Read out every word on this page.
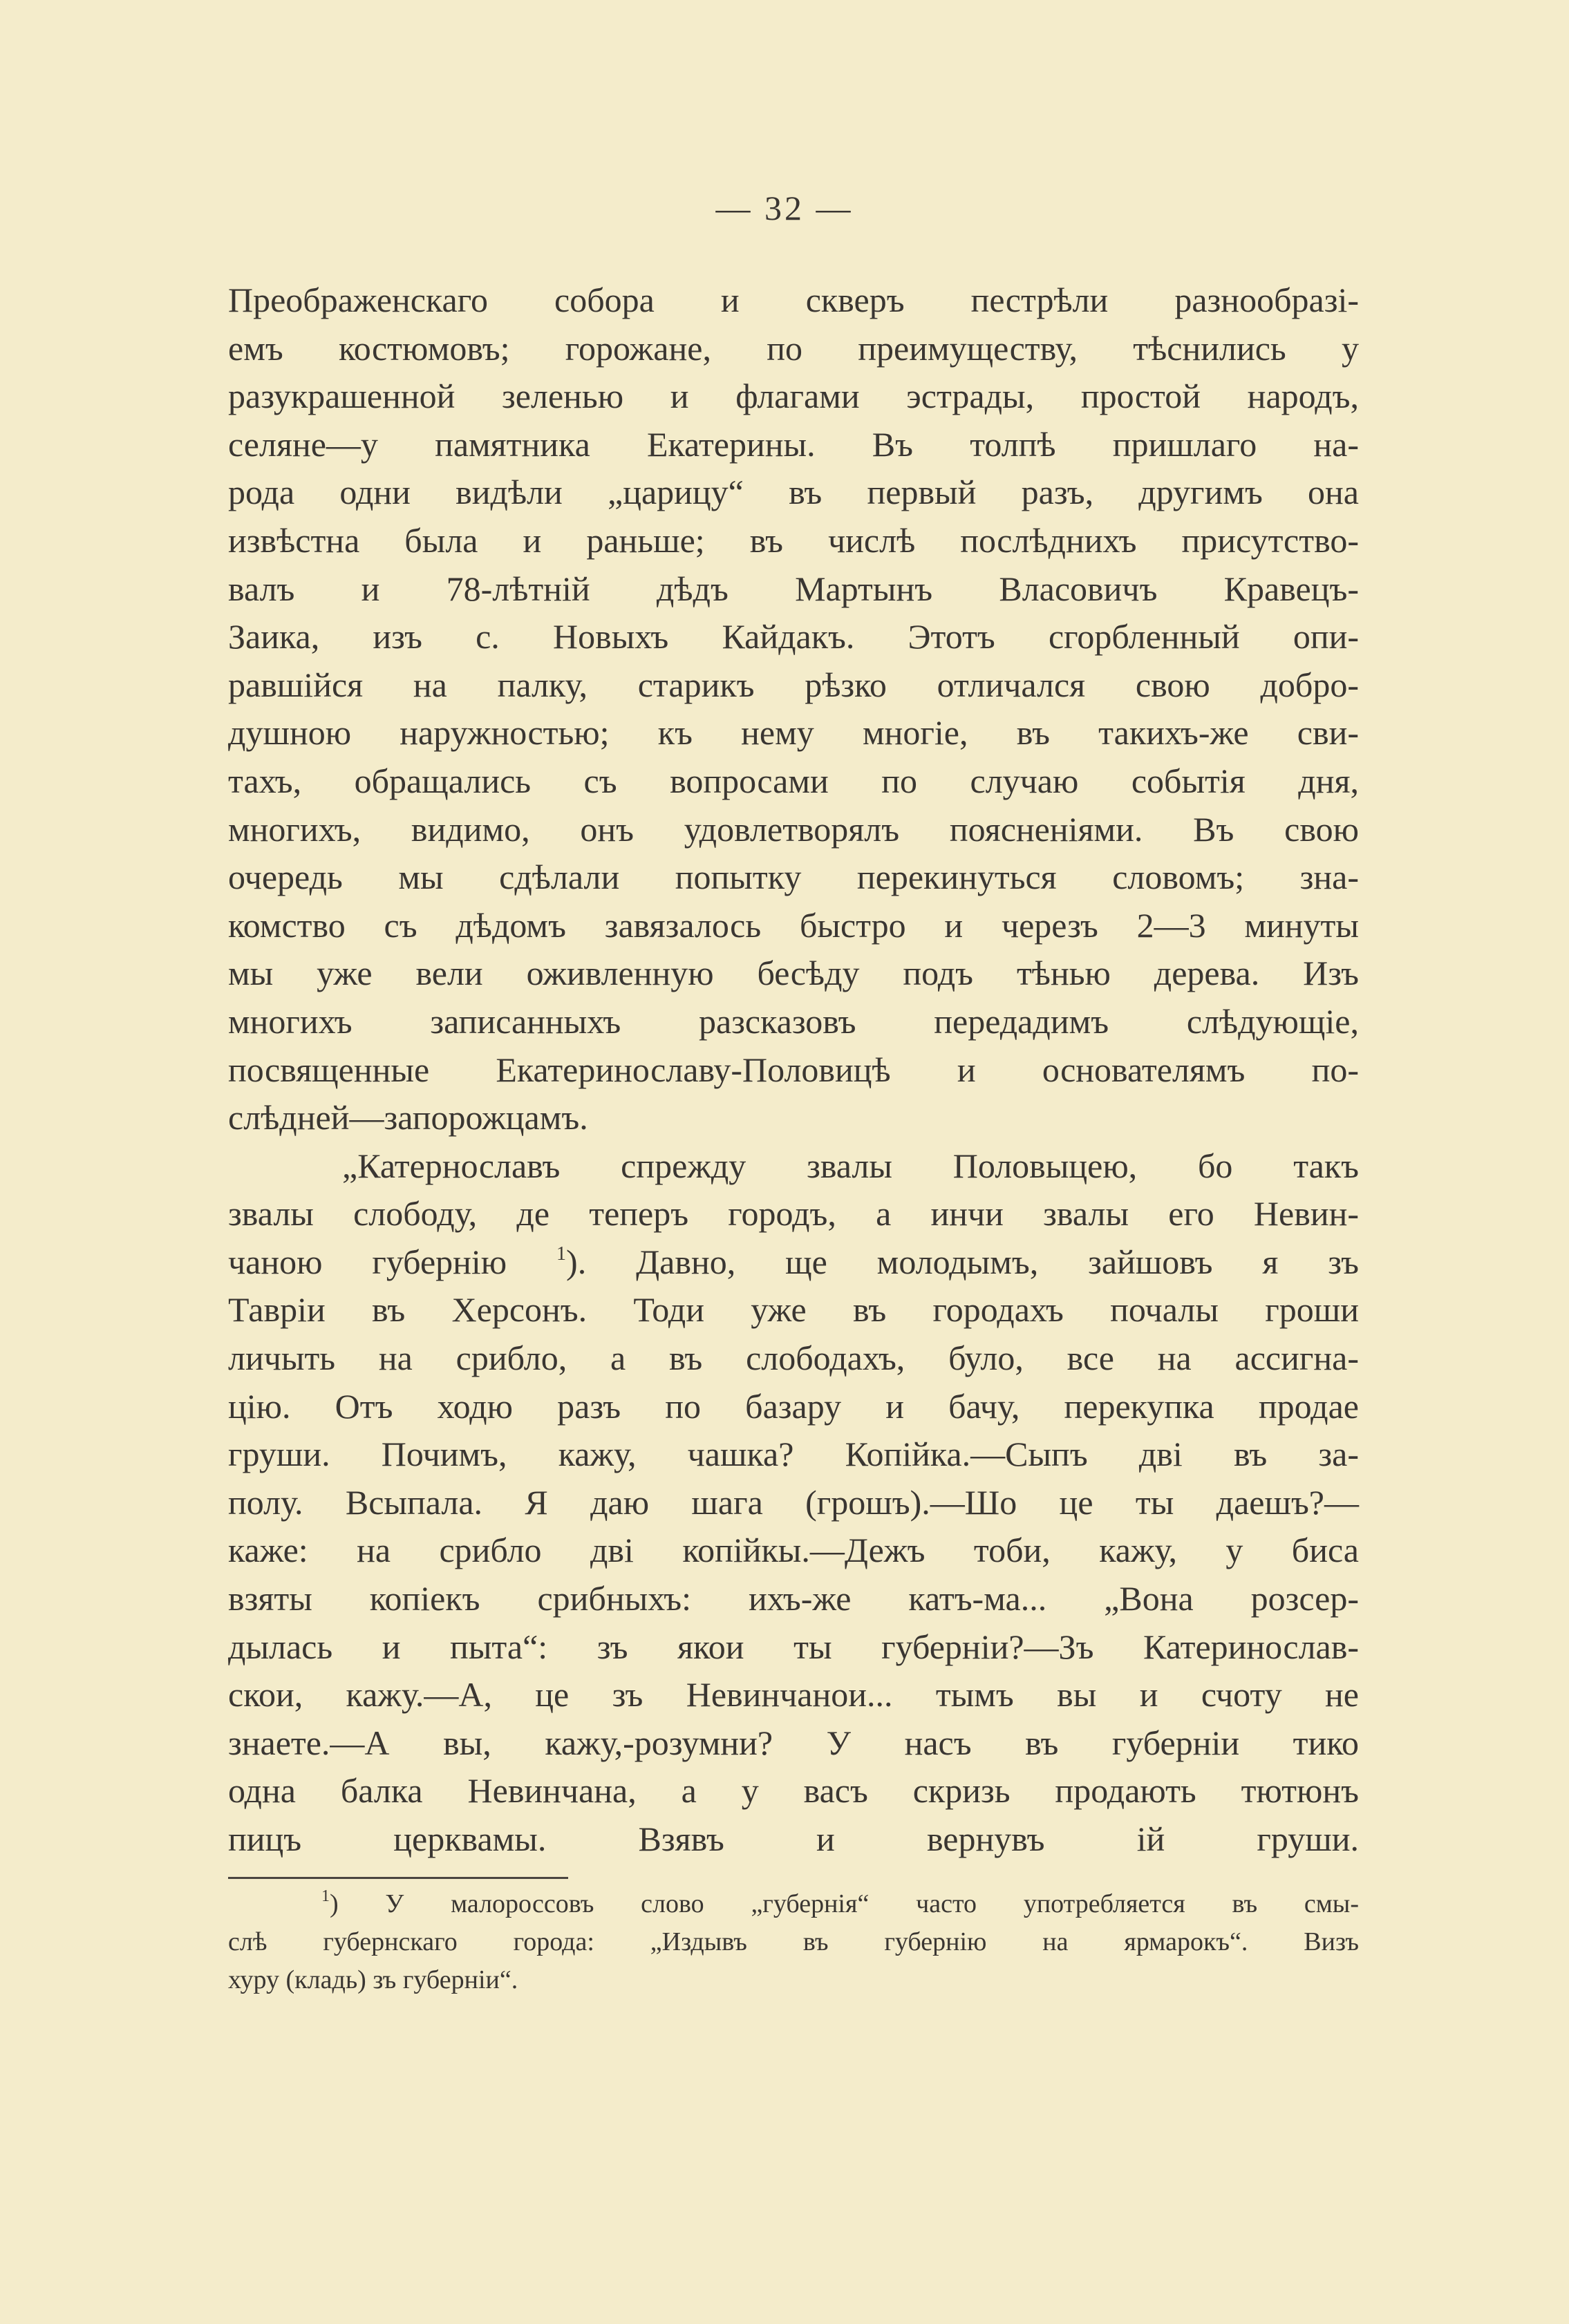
— 32 —
Преображенскаго собора и скверъ пестрѣли разнообразі-
емъ костюмовъ; горожане, по преимуществу, тѣснились у
разукрашенной зеленью и флагами эстрады, простой народъ,
селяне—у памятника Екатерины. Въ толпѣ пришлаго на-
рода одни видѣли „царицу“ въ первый разъ, другимъ она
извѣстна была и раньше; въ числѣ послѣднихъ присутство-
валъ и 78-лѣтній дѣдъ Мартынъ Власовичъ Кравецъ-
Заика, изъ с. Новыхъ Кайдакъ. Этотъ сгорбленный опи-
равшійся на палку, старикъ рѣзко отличался свою добро-
душною наружностью; къ нему многіе, въ такихъ-же сви-
тахъ, обращались съ вопросами по случаю событія дня,
многихъ, видимо, онъ удовлетворялъ поясненіями. Въ свою
очередь мы сдѣлали попытку перекинуться словомъ; зна-
комство съ дѣдомъ завязалось быстро и черезъ 2—3 минуты
мы уже вели оживленную бесѣду подъ тѣнью дерева. Изъ
многихъ записанныхъ разсказовъ передадимъ слѣдующіе,
посвященные Екатеринославу-Половицѣ и основателямъ по-
слѣдней—запорожцамъ.
„Катернославъ спрежду звалы Половыцею, бо такъ
звалы слободу, де теперъ городъ, а инчи звалы его Невин-
чаною губернію	$^1$). Давно, ще молодымъ, зайшовъ я зъ
Тавріи въ Херсонъ. Тоди уже въ городахъ почалы гроши
личыть на срибло, а въ слободахъ, було, все на ассигна-
цію. Отъ ходю разъ по базару и бачу, перекупка продае
груши. Почимъ, кажу, чашка? Копійка.—Сыпъ двi въ за-
полу. Всыпала. Я даю шага (грошъ).—Шо це ты даешъ?—
каже: на срибло двi копійкы.—Дежъ тоби, кажу, у биса
взяты копіекъ срибныхъ: ихъ-же катъ-ма... „Вона розсер-
дылась и пыта“: зъ якои ты губерніи?—Зъ Катеринослав-
скои, кажу.—А, це зъ Невинчанои... тымъ вы и счоту не
знаете.—А вы, кажу,-розумни? У насъ въ губерніи тико
одна балка Невинчана, а у васъ скризь продають тютюнъ
пицъ церквамы. Взявъ и вернувъ ій груши.
$^1$) У малороссовъ слово „губернія“ часто употребляется въ смы-
слѣ губернскаго города: „Издывъ въ губернію на ярмарокъ“. Визъ
хуру (кладь) зъ губерніи“.
